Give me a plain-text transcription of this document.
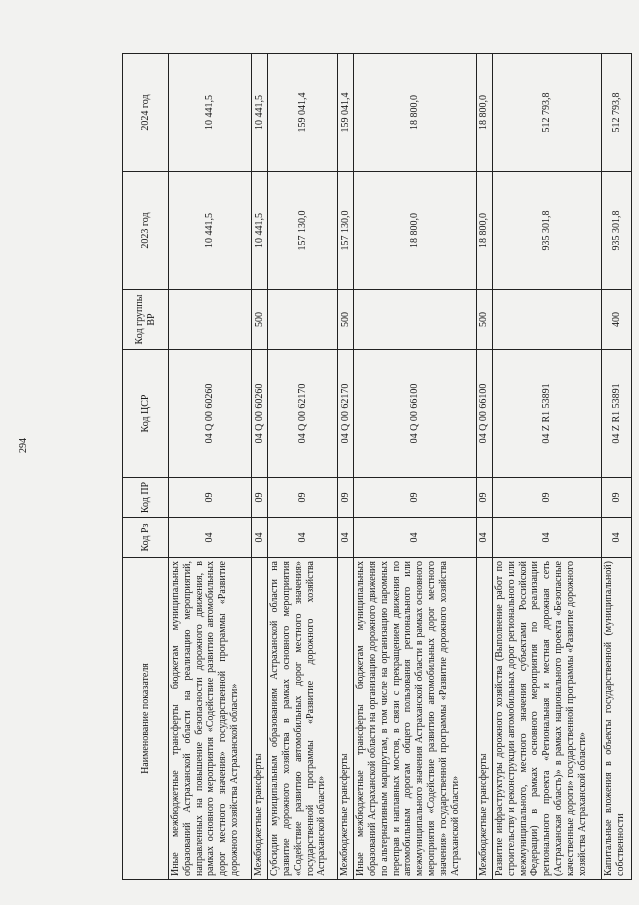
294
Наименование показателя	Код Рз	Код ПР	Код ЦСР	Код группы ВР	2023 год	2024 год
Иные межбюджетные трансферты бюджетам муниципальных образований Астраханской области на реализацию мероприятий, направленных на повышение безопасности дорожного движения, в рамках основного мероприятия «Содействие развитию автомобильных дорог местного значения» государственной программы «Развитие дорожного хозяйства Астраханской области»	04	09	04 Q 00 60260		10 441,5	10 441,5
Межбюджетные трансферты	04	09	04 Q 00 60260	500	10 441,5	10 441,5
Субсидии муниципальным образованиям Астраханской области на развитие дорожного хозяйства в рамках основного мероприятия «Содействие развитию автомобильных дорог местного значения» государственной программы «Развитие дорожного хозяйства Астраханской области»	04	09	04 Q 00 62170		157 130,0	159 041,4
Межбюджетные трансферты	04	09	04 Q 00 62170	500	157 130,0	159 041,4
Иные межбюджетные трансферты бюджетам муниципальных образований Астраханской области на организацию дорожного движения по альтернативным маршрутам, в том числе на организацию паромных переправ и наплавных мостов, в связи с прекращением движения по автомобильным дорогам общего пользования регионального или межмуниципального значения Астраханской области в рамках основного мероприятия «Содействие развитию автомобильных дорог местного значения» государственной программы «Развитие дорожного хозяйства Астраханской области»	04	09	04 Q 00 66100		18 800,0	18 800,0
Межбюджетные трансферты	04	09	04 Q 00 66100	500	18 800,0	18 800,0
Развитие инфраструктуры дорожного хозяйства (Выполнение работ по строительству и реконструкции автомобильных дорог регионального или межмуниципального, местного значения субъектами Российской Федерации) в рамках основного мероприятия по реализации регионального проекта «Региональная и местная дорожная сеть (Астраханская область)» в рамках национального проекта «Безопасные качественные дороги» государственной программы «Развитие дорожного хозяйства Астраханской области»	04	09	04 Z R1 53891		935 301,8	512 793,8
Капитальные вложения в объекты государственной (муниципальной) собственности	04	09	04 Z R1 53891	400	935 301,8	512 793,8
